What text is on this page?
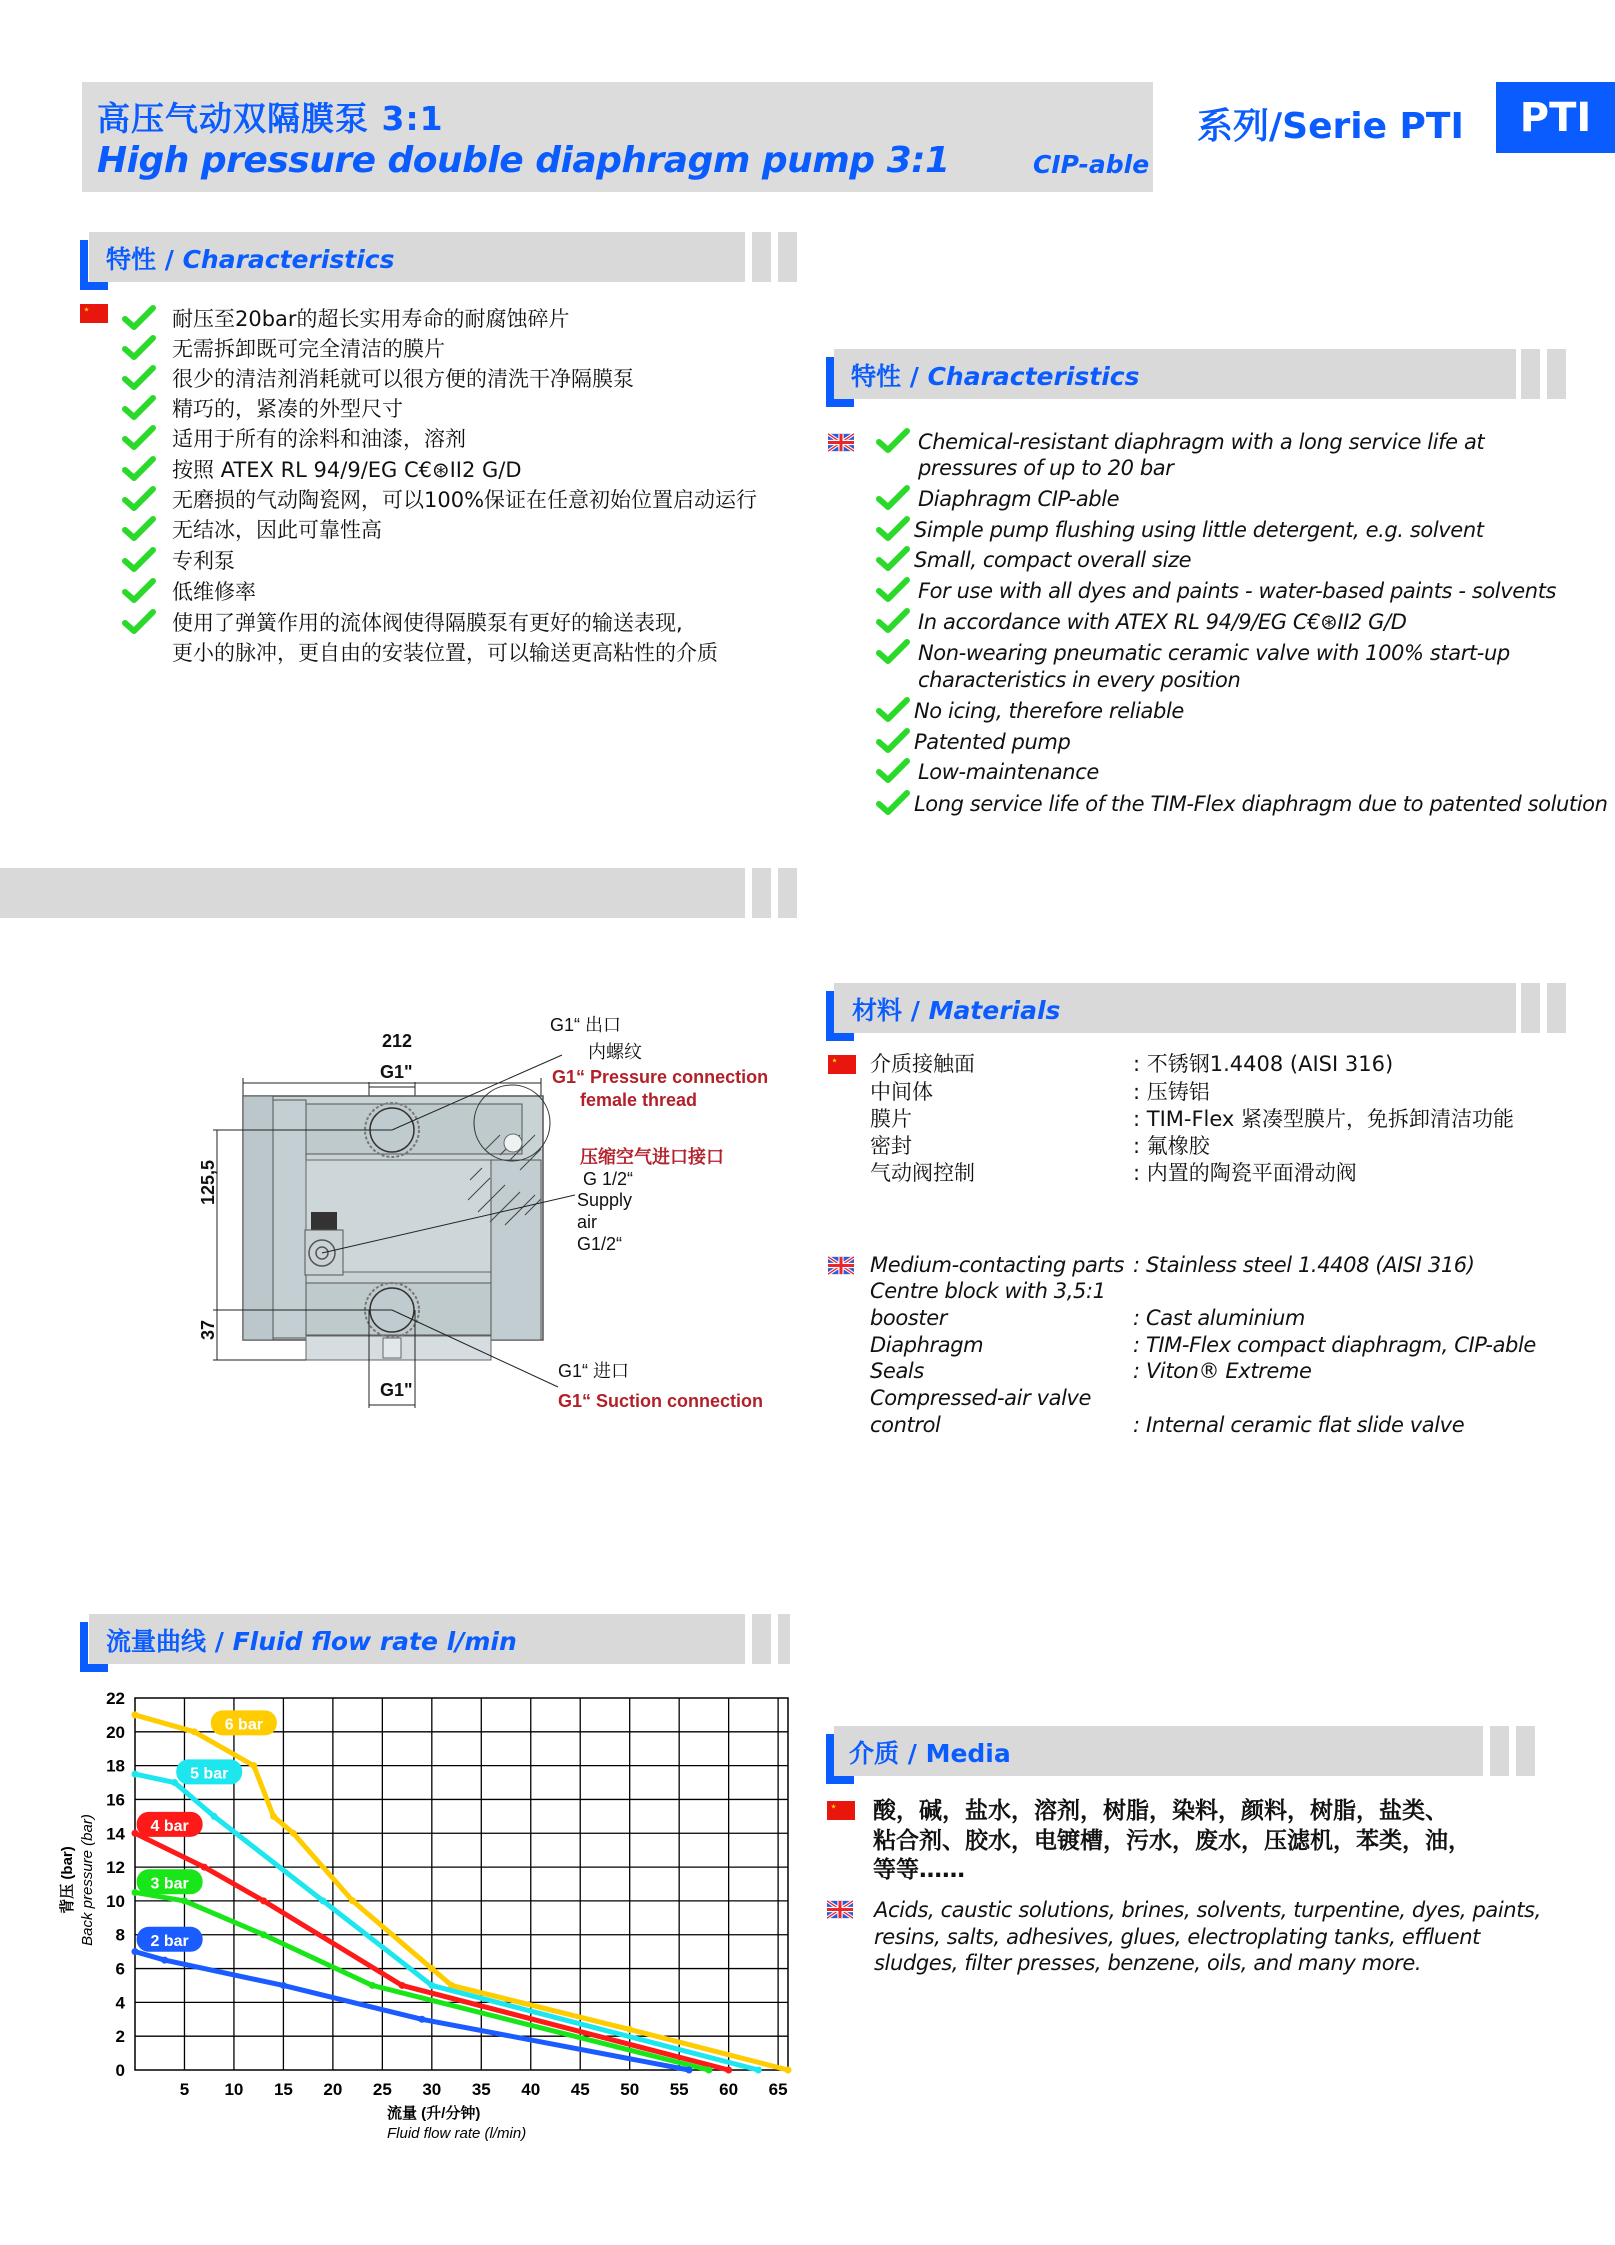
高压气动双隔膜泵 3:1
High pressure double diaphragm pump 3:1	CIP-able
系列/Serie PTI PTI
特性 / Characteristics
耐压至20bar的超长实用寿命的耐腐蚀碎片
无需拆卸既可完全清洁的膜片
很少的清洁剂消耗就可以很方便的清洗干净隔膜泵
精巧的，紧凑的外型尺寸
适用于所有的涂料和油漆，溶剂
按照 ATEX RL 94/9/EG C€⊛II2 G/D
无磨损的气动陶瓷网，可以100%保证在任意初始位置启动运行
无结冰，因此可靠性高
专利泵
低维修率
使用了弹簧作用的流体阀使得隔膜泵有更好的输送表现,
更小的脉冲，更自由的安装位置，可以输送更高粘性的介质
特性 / Characteristics
Chemical-resistant diaphragm with a long service life at
pressures of up to 20 bar
Diaphragm CIP-able
Simple pump flushing using little detergent, e.g. solvent
Small, compact overall size
For use with all dyes and paints - water-based paints - solvents
In accordance with ATEX RL 94/9/EG C€⊛II2 G/D
Non-wearing pneumatic ceramic valve with 100% start-up
characteristics in every position
No icing, therefore reliable
Patented pump
Low-maintenance
Long service life of the TIM-Flex diaphragm due to patented solution
212
G1"
125,5
37
G1"
G1“ 出口
内螺纹
G1“ Pressure connection
female thread
压缩空气进口接口
G 1/2“
Supply
air
G1/2“
G1“ 进口
G1“ Suction connection
材料 / Materials
介质接触面	: 不锈钢1.4408 (AISI 316)
中间体	: 压铸铝
膜片	: TIM-Flex 紧凑型膜片，免拆卸清洁功能
密封	: 氟橡胶
气动阀控制	: 内置的陶瓷平面滑动阀
Medium-contacting parts : Stainless steel 1.4408 (AISI 316)
Centre block with 3,5:1
booster	: Cast aluminium
Diaphragm	: TIM-Flex compact diaphragm, CIP-able
Seals	: Viton® Extreme
Compressed-air valve
control	: Internal ceramic flat slide valve
流量曲线 / Fluid flow rate l/min
5 10 15 20 25 30 35 40 45 50 55 60 65
0
2
4
6
8
10
12
14
16
18
20
22
流量 (升/分钟)
Fluid flow rate (l/min)
背压 (bar) Back pressure (bar)
6 bar
5 bar
4 bar
3 bar
2 bar
介质 / Media
酸，碱，盐水，溶剂，树脂，染料，颜料，树脂，盐类、
粘合剂、胶水，电镀槽，污水，废水，压滤机，苯类，油，
等等……
Acids, caustic solutions, brines, solvents, turpentine, dyes, paints,
resins, salts, adhesives, glues, electroplating tanks, effluent
sludges, filter presses, benzene, oils, and many more.
